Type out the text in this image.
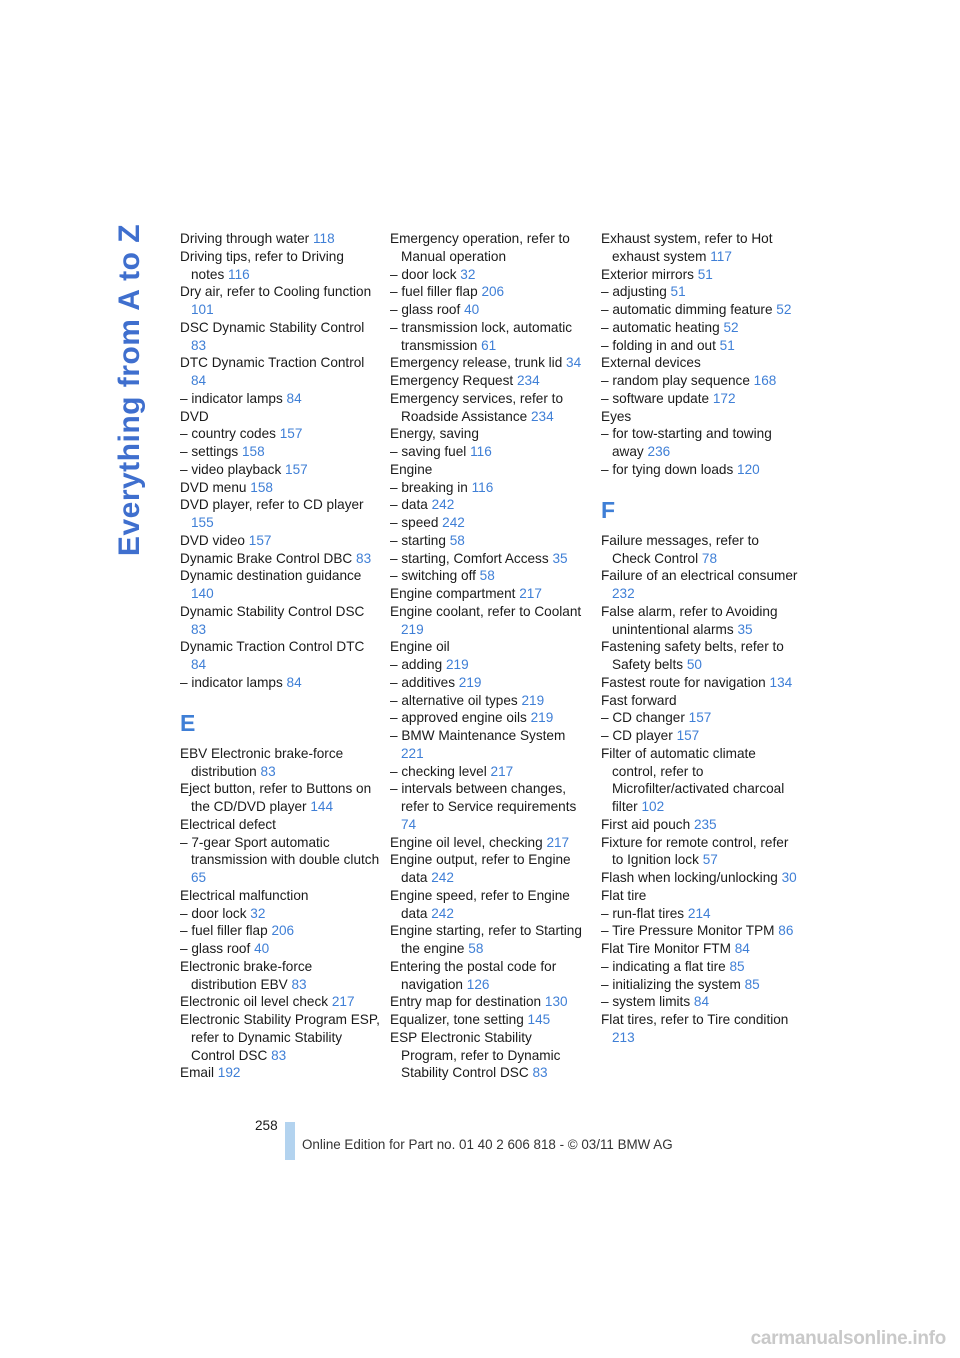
Everything from A to Z	Driving through water 118
Driving tips, refer to Driving notes 116
Dry air, refer to Cooling function 101
DSC Dynamic Stability Control 83
DTC Dynamic Traction Control 84
– indicator lamps 84
DVD
– country codes 157
– settings 158
– video playback 157
DVD menu 158
DVD player, refer to CD player 155
DVD video 157
Dynamic Brake Control DBC 83
Dynamic destination guidance 140
Dynamic Stability Control DSC 83
Dynamic Traction Control DTC 84
– indicator lamps 84
E
EBV Electronic brake-force distribution 83
Eject button, refer to Buttons on the CD/DVD player 144
Electrical defect
– 7-gear Sport automatic transmission with double clutch 65
Electrical malfunction
– door lock 32
– fuel filler flap 206
– glass roof 40
Electronic brake-force distribution EBV 83
Electronic oil level check 217
Electronic Stability Program ESP, refer to Dynamic Stability Control DSC 83
Email 192
Emergency operation, refer to Manual operation
– door lock 32
– fuel filler flap 206
– glass roof 40
– transmission lock, automatic transmission 61
Emergency release, trunk lid 34
Emergency Request 234
Emergency services, refer to Roadside Assistance 234
Energy, saving
– saving fuel 116
Engine
– breaking in 116
– data 242
– speed 242
– starting 58
– starting, Comfort Access 35
– switching off 58
Engine compartment 217
Engine coolant, refer to Coolant 219
Engine oil
– adding 219
– additives 219
– alternative oil types 219
– approved engine oils 219
– BMW Maintenance System 221
– checking level 217
– intervals between changes, refer to Service requirements 74
Engine oil level, checking 217
Engine output, refer to Engine data 242
Engine speed, refer to Engine data 242
Engine starting, refer to Starting the engine 58
Entering the postal code for navigation 126
Entry map for destination 130
Equalizer, tone setting 145
ESP Electronic Stability Program, refer to Dynamic Stability Control DSC 83
Exhaust system, refer to Hot exhaust system 117
Exterior mirrors 51
– adjusting 51
– automatic dimming feature 52
– automatic heating 52
– folding in and out 51
External devices
– random play sequence 168
– software update 172
Eyes
– for tow-starting and towing away 236
– for tying down loads 120
F
Failure messages, refer to Check Control 78
Failure of an electrical consumer 232
False alarm, refer to Avoiding unintentional alarms 35
Fastening safety belts, refer to Safety belts 50
Fastest route for navigation 134
Fast forward
– CD changer 157
– CD player 157
Filter of automatic climate control, refer to Microfilter/activated charcoal filter 102
First aid pouch 235
Fixture for remote control, refer to Ignition lock 57
Flash when locking/unlocking 30
Flat tire
– run-flat tires 214
– Tire Pressure Monitor TPM 86
Flat Tire Monitor FTM 84
– indicating a flat tire 85
– initializing the system 85
– system limits 84
Flat tires, refer to Tire condition 213
258
Online Edition for Part no. 01 40 2 606 818 - © 03/11 BMW AG
carmanualsonline.info
